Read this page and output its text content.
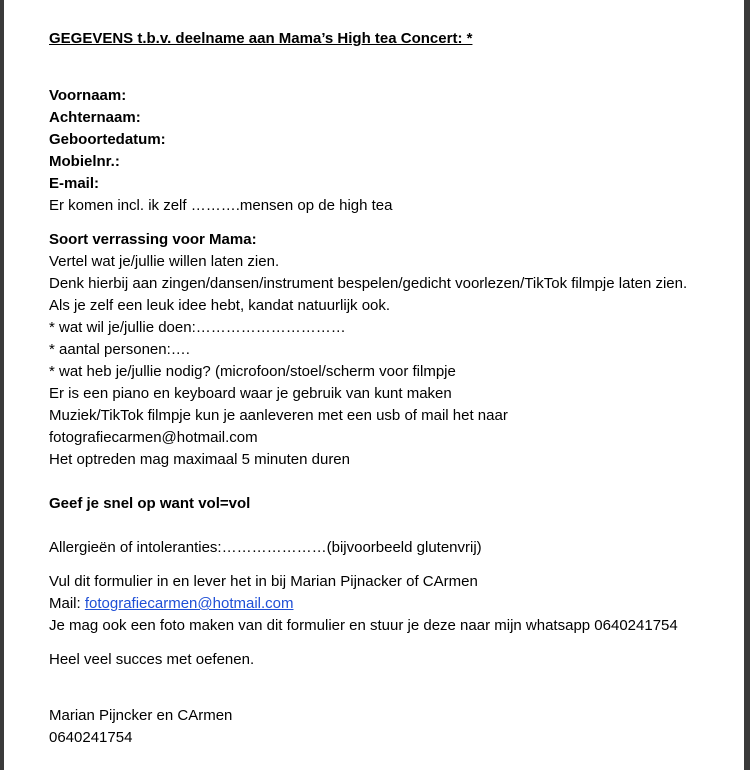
GEGEVENS t.b.v. deelname aan Mama’s High tea Concert: *
Voornaam:
Achternaam:
Geboortedatum:
Mobielnr.:
E-mail:
Er komen incl. ik zelf ……….mensen op de high tea
Soort verrassing voor Mama:
Vertel wat je/jullie willen laten zien.
Denk hierbij aan zingen/dansen/instrument bespelen/gedicht voorlezen/TikTok filmpje laten zien.
Als je zelf een leuk idee hebt, kandat natuurlijk ook.
* wat wil je/jullie doen:…………………………
* aantal personen:….
* wat heb je/jullie nodig? (microfoon/stoel/scherm voor filmpje
Er is een piano en keyboard waar je gebruik van kunt maken
Muziek/TikTok filmpje kun je aanleveren met een usb of mail het naar
fotografiecarmen@hotmail.com
Het optreden mag maximaal 5 minuten duren
Geef je snel op want vol=vol
Allergieën of intoleranties:…………………(bijvoorbeeld glutenvrij)
Vul dit formulier in en lever het in bij Marian Pijnacker of CArmen
Mail: fotografiecarmen@hotmail.com
Je mag ook een foto maken van dit formulier en stuur je deze naar mijn whatsapp 0640241754
Heel veel succes met oefenen.
Marian Pijncker en CArmen
0640241754
